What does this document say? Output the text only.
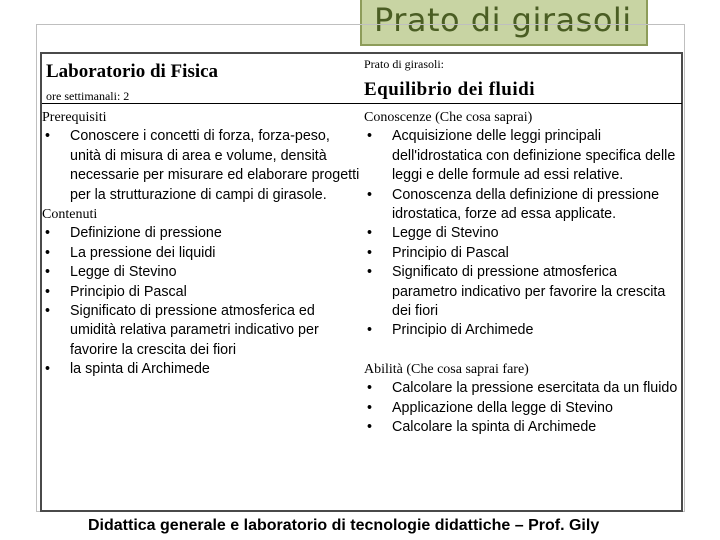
Prato di girasoli
Laboratorio di Fisica
ore settimanali: 2
Prato di girasoli:
Equilibrio dei fluidi
Prerequisiti
• Conoscere i concetti di forza, forza-peso, unità di misura di area e volume, densità necessarie per misurare ed elaborare progetti per la strutturazione di campi di girasole.
Contenuti
• Definizione di pressione
• La pressione dei liquidi
• Legge di Stevino
• Principio di Pascal
• Significato di pressione atmosferica ed umidità relativa parametri indicativo per favorire la crescita dei fiori
• la spinta di Archimede
Conoscenze (Che cosa saprai)
• Acquisizione delle leggi principali dell'idrostatica con definizione specifica delle leggi e delle formule ad essi relative.
• Conoscenza della definizione di pressione idrostatica, forze ad essa applicate.
• Legge di Stevino
• Principio di Pascal
• Significato di pressione atmosferica parametro indicativo per favorire la crescita dei fiori
• Principio di Archimede
Abilità (Che cosa saprai fare)
• Calcolare la pressione esercitata da un fluido
• Applicazione della legge di Stevino
• Calcolare la spinta di Archimede
Didattica generale e laboratorio di tecnologie didattiche – Prof. Gily
